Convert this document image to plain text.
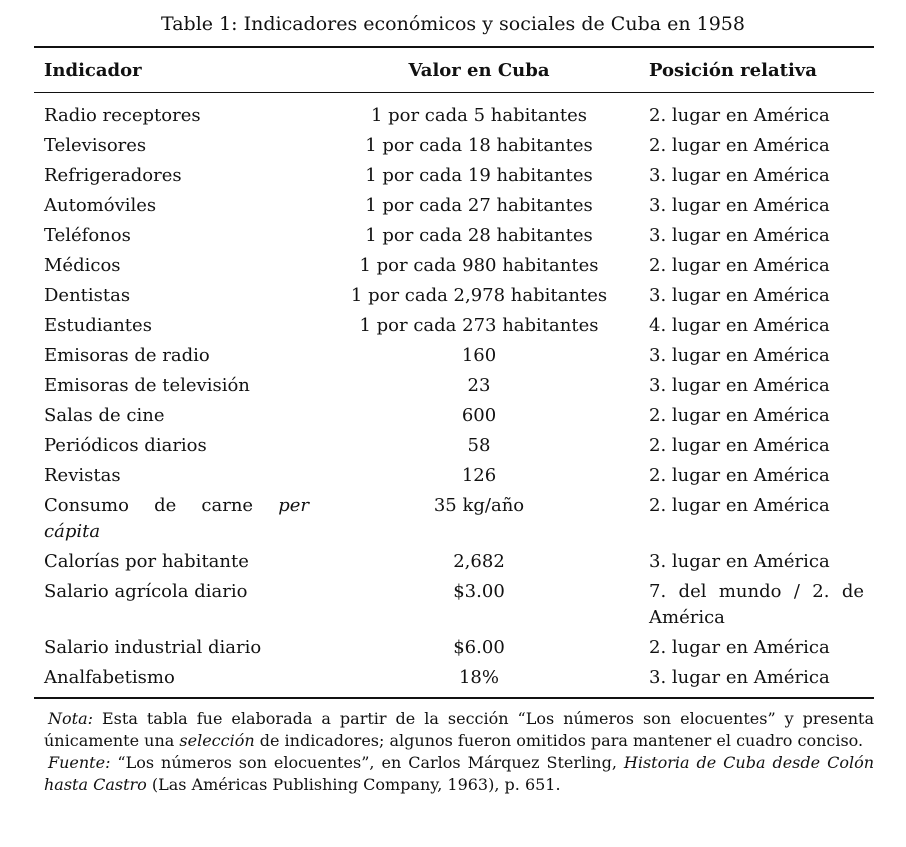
Table 1: Indicadores económicos y sociales de Cuba en 1958

Indicador	Valor en Cuba	Posición relativa
Radio receptores	1 por cada 5 habitantes	2. lugar en América
Televisores	1 por cada 18 habitantes	2. lugar en América
Refrigeradores	1 por cada 19 habitantes	3. lugar en América
Automóviles	1 por cada 27 habitantes	3. lugar en América
Teléfonos	1 por cada 28 habitantes	3. lugar en América
Médicos	1 por cada 980 habitantes	2. lugar en América
Dentistas	1 por cada 2,978 habitantes	3. lugar en América
Estudiantes	1 por cada 273 habitantes	4. lugar en América
Emisoras de radio	160	3. lugar en América
Emisoras de televisión	23	3. lugar en América
Salas de cine	600	2. lugar en América
Periódicos diarios	58	2. lugar en América
Revistas	126	2. lugar en América
Consumo de carne per cápita	35 kg/año	2. lugar en América
Calorías por habitante	2,682	3. lugar en América
Salario agrícola diario	$3.00	7. del mundo / 2. de América
Salario industrial diario	$6.00	2. lugar en América
Analfabetismo	18%	3. lugar en América

Nota: Esta tabla fue elaborada a partir de la sección “Los números son elocuentes” y presenta únicamente una selección de indicadores; algunos fueron omitidos para mantener el cuadro conciso.

Fuente: “Los números son elocuentes”, en Carlos Márquez Sterling, Historia de Cuba desde Colón hasta Castro (Las Américas Publishing Company, 1963), p. 651.
